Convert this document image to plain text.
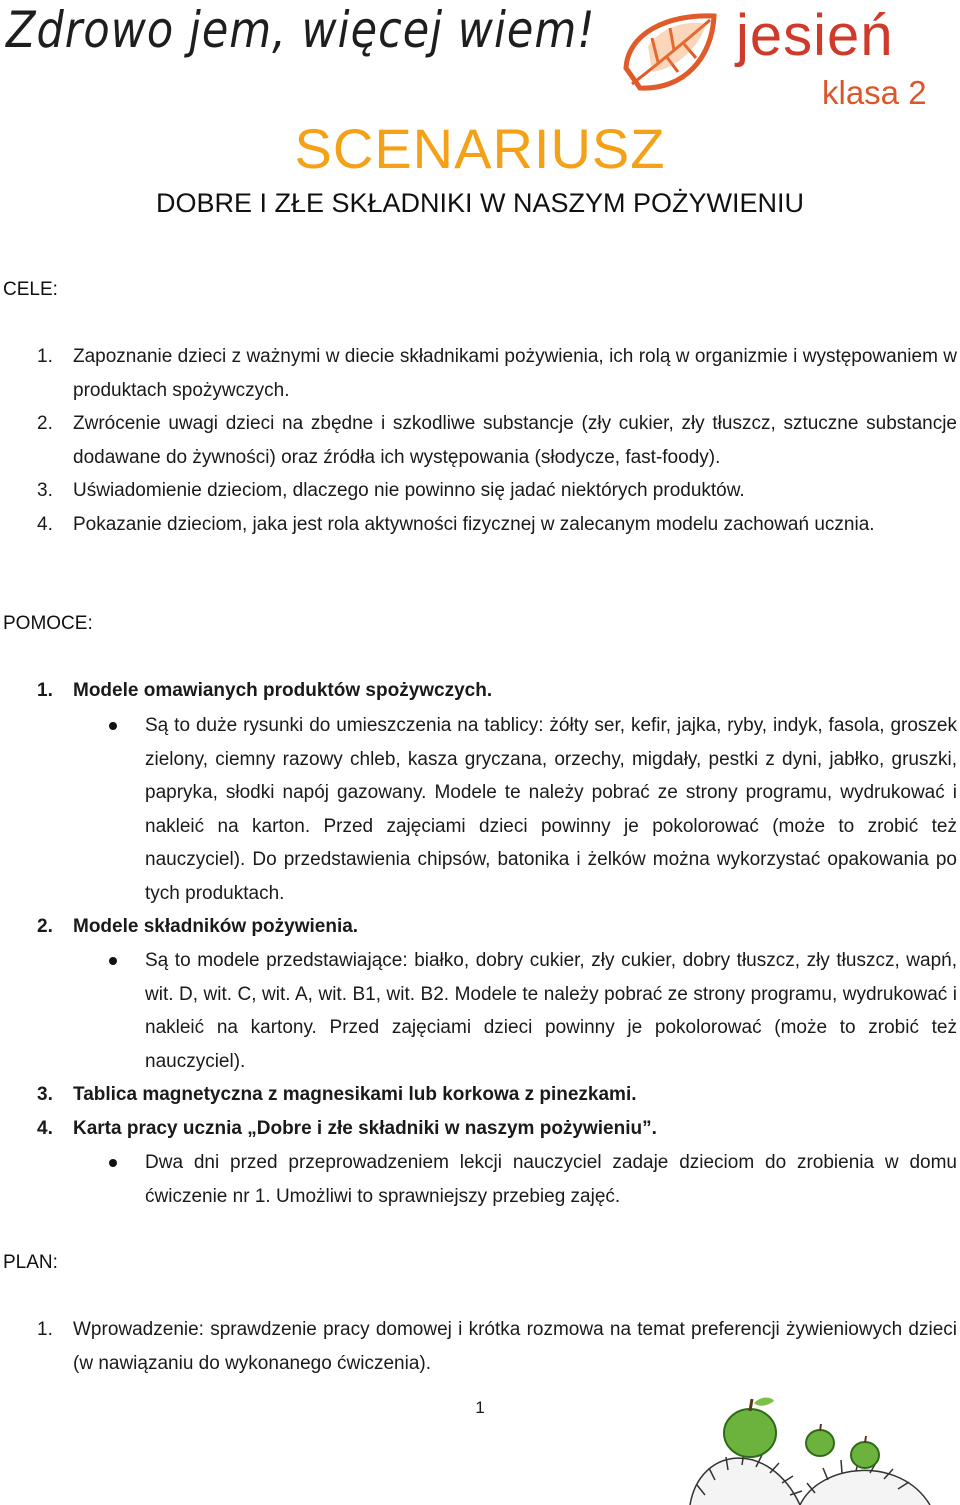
Zdrowo jem, więcej wiem! jesień
klasa 2
SCENARIUSZ
DOBRE I ZŁE SKŁADNIKI W NASZYM POŻYWIENIU
CELE:
1. Zapoznanie dzieci z ważnymi w diecie składnikami pożywienia, ich rolą w organizmie i występowaniem w produktach spożywczych.
2. Zwrócenie uwagi dzieci na zbędne i szkodliwe substancje (zły cukier, zły tłuszcz, sztuczne substancje dodawane do żywności) oraz źródła ich występowania (słodycze, fast-foody).
3. Uświadomienie dzieciom, dlaczego nie powinno się jadać niektórych produktów.
4. Pokazanie dzieciom, jaka jest rola aktywności fizycznej w zalecanym modelu zachowań ucznia.
POMOCE:
1. Modele omawianych produktów spożywczych.
Są to duże rysunki do umieszczenia na tablicy: żółty ser, kefir, jajka, ryby, indyk, fasola, groszek zielony, ciemny razowy chleb, kasza gryczana, orzechy, migdały, pestki z dyni, jabłko, gruszki, papryka, słodki napój gazowany. Modele te należy pobrać ze strony programu, wydrukować i nakleić na karton. Przed zajęciami dzieci powinny je pokolorować (może to zrobić też nauczyciel). Do przedstawienia chipsów, batonika i żelków można wykorzystać opakowania po tych produktach.
2. Modele składników pożywienia.
Są to modele przedstawiające: białko, dobry cukier, zły cukier, dobry tłuszcz, zły tłuszcz, wapń, wit. D, wit. C, wit. A, wit. B1, wit. B2. Modele te należy pobrać ze strony programu, wydrukować i nakleić na kartony. Przed zajęciami dzieci powinny je pokolorować (może to zrobić też nauczyciel).
3. Tablica magnetyczna z magnesikami lub korkowa z pinezkami.
4. Karta pracy ucznia „Dobre i złe składniki w naszym pożywieniu”.
Dwa dni przed przeprowadzeniem lekcji nauczyciel zadaje dzieciom do zrobienia w domu ćwiczenie nr 1. Umożliwi to sprawniejszy przebieg zajęć.
PLAN:
1. Wprowadzenie: sprawdzenie pracy domowej i krótka rozmowa na temat preferencji żywieniowych dzieci (w nawiązaniu do wykonanego ćwiczenia).
1
